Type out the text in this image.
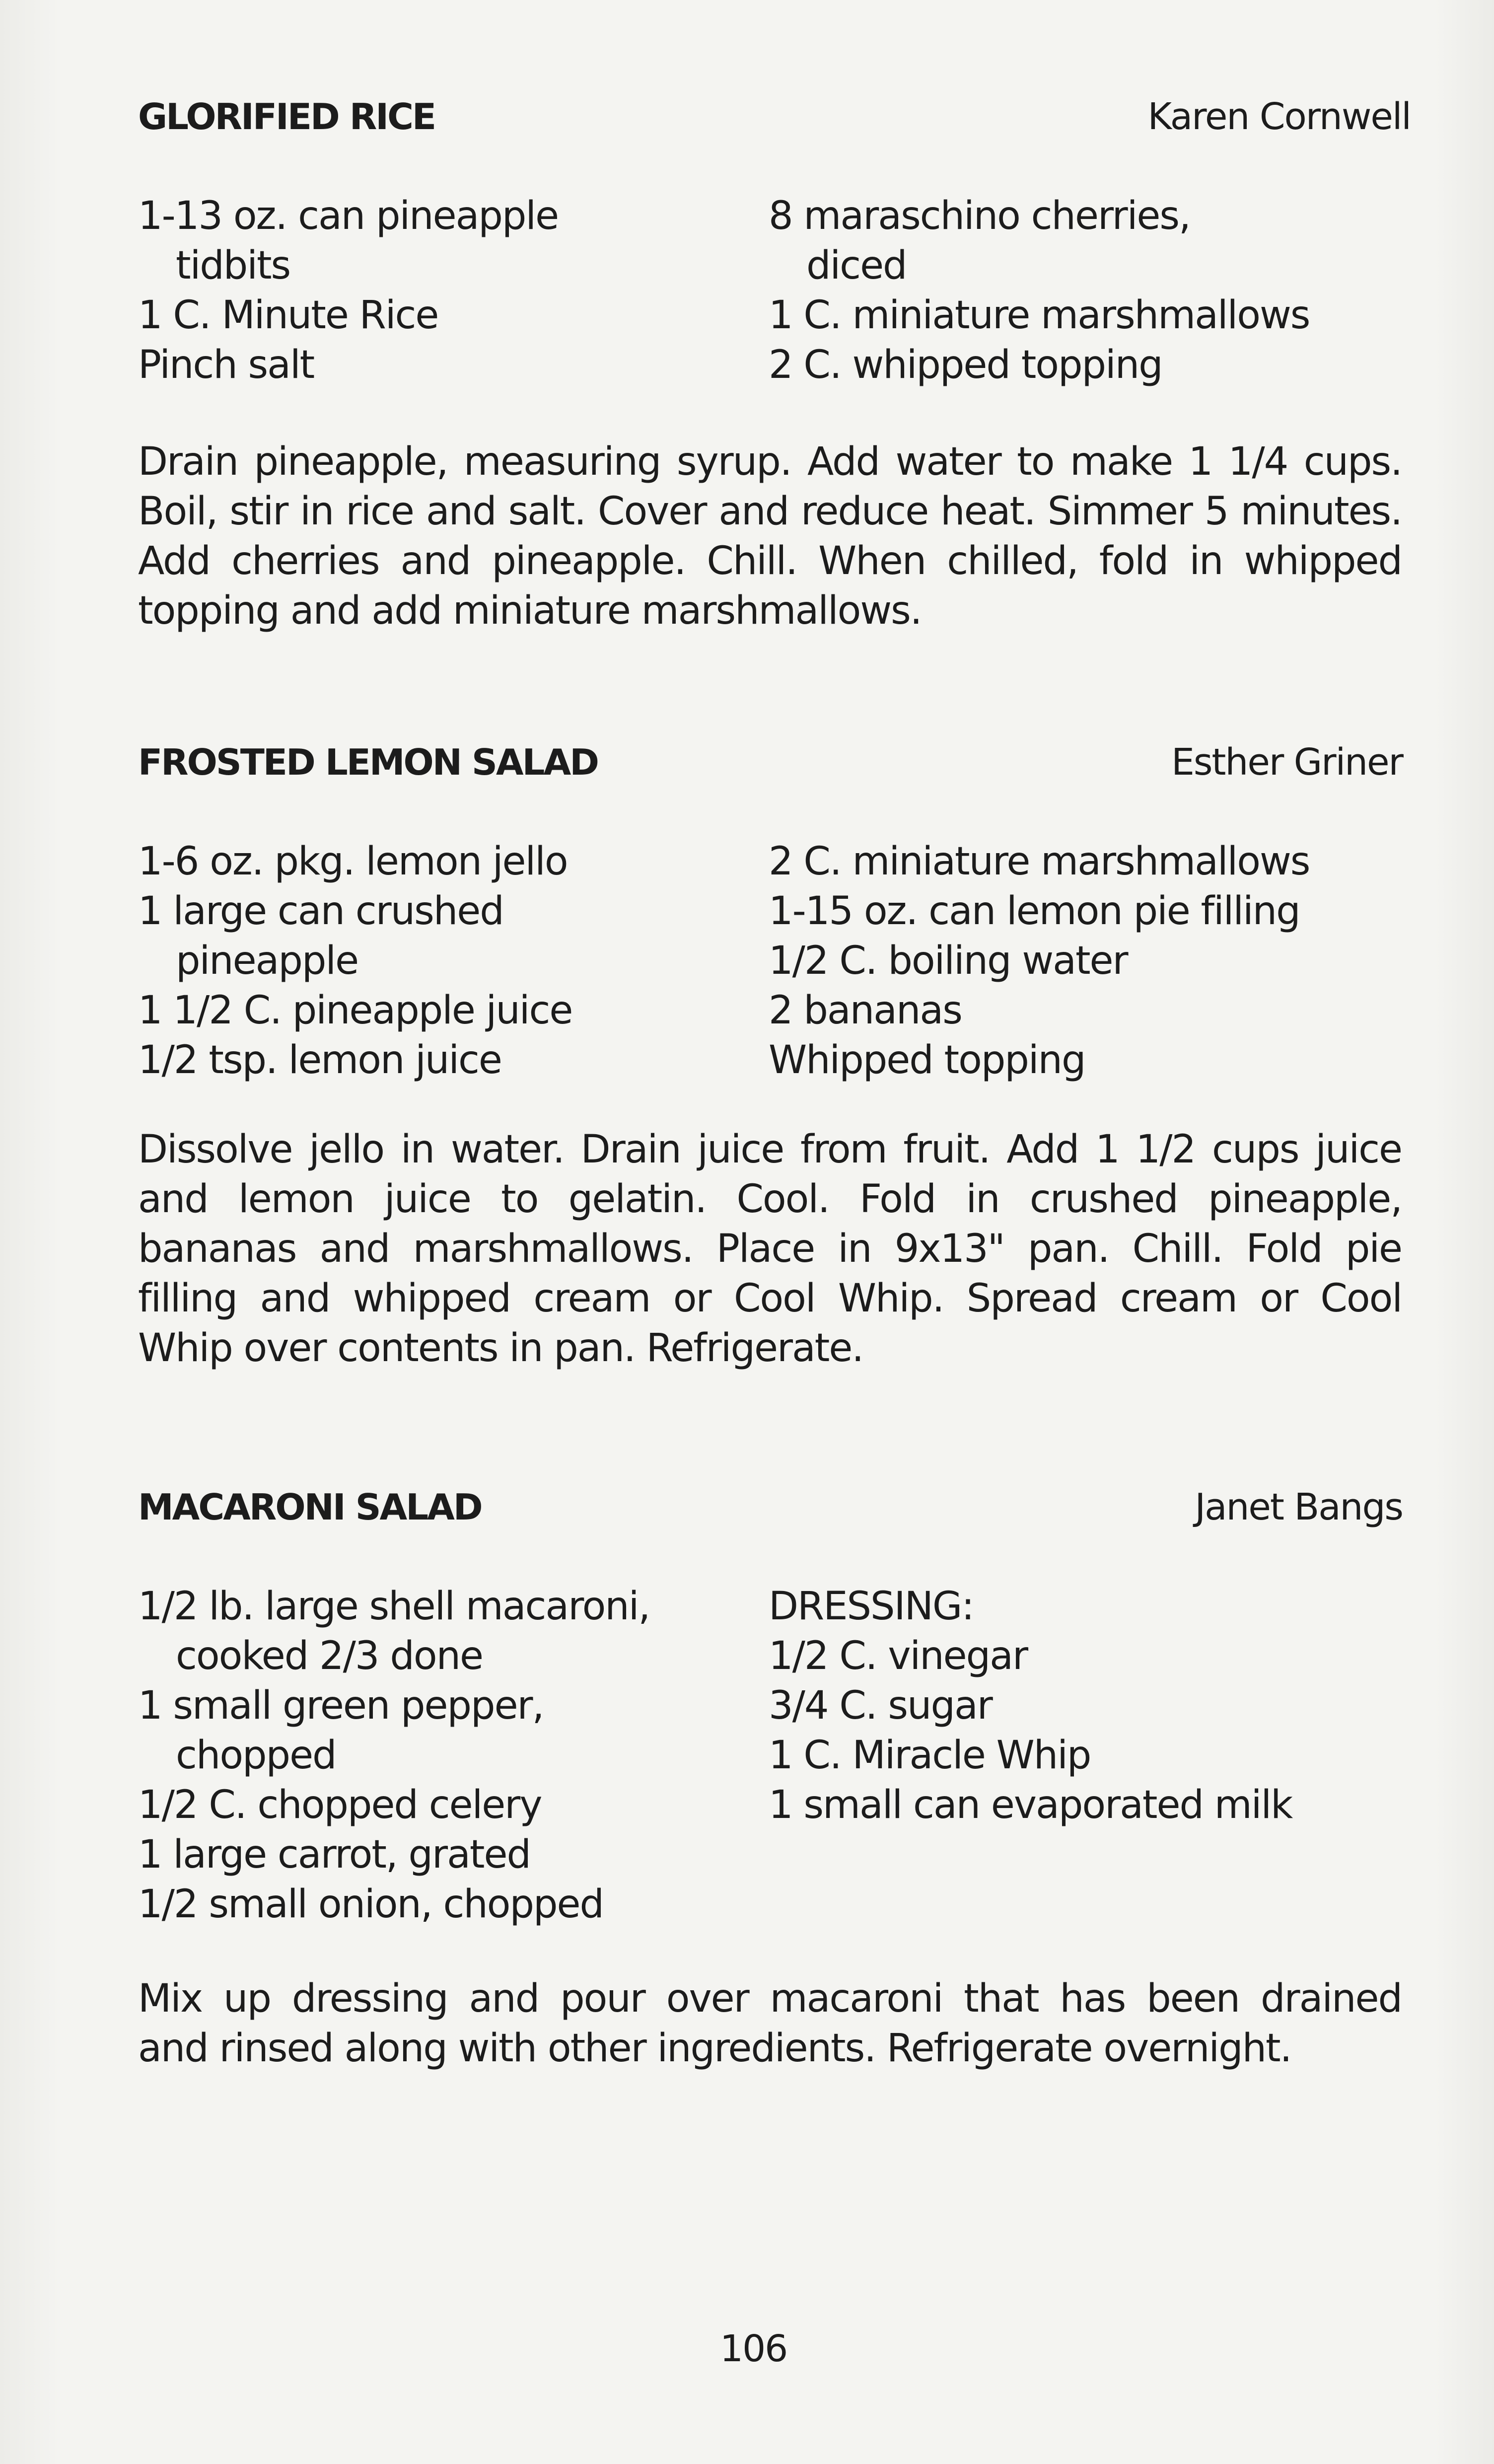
GLORIFIED RICE	Karen Cornwell
1-13 oz. can pineapple
tidbits
1 C. Minute Rice
Pinch salt
8 maraschino cherries,
diced
1 C. miniature marshmallows
2 C. whipped topping
Drain pineapple, measuring syrup. Add water to make 1 1/4 cups.
Boil, stir in rice and salt. Cover and reduce heat. Simmer 5 minutes.
Add cherries and pineapple. Chill. When chilled, fold in whipped
topping and add miniature marshmallows.
FROSTED LEMON SALAD	Esther Griner
1-6 oz. pkg. lemon jello
1 large can crushed
pineapple
1 1/2 C. pineapple juice
1/2 tsp. lemon juice
2 C. miniature marshmallows
1-15 oz. can lemon pie filling
1/2 C. boiling water
2 bananas
Whipped topping
Dissolve jello in water. Drain juice from fruit. Add 1 1/2 cups juice
and lemon juice to gelatin. Cool. Fold in crushed pineapple,
bananas and marshmallows. Place in 9x13" pan. Chill. Fold pie
filling and whipped cream or Cool Whip. Spread cream or Cool
Whip over contents in pan. Refrigerate.
MACARONI SALAD	Janet Bangs
1/2 lb. large shell macaroni,
cooked 2/3 done
1 small green pepper,
chopped
1/2 C. chopped celery
1 large carrot, grated
1/2 small onion, chopped
DRESSING:
1/2 C. vinegar
3/4 C. sugar
1 C. Miracle Whip
1 small can evaporated milk
Mix up dressing and pour over macaroni that has been drained
and rinsed along with other ingredients. Refrigerate overnight.
106
